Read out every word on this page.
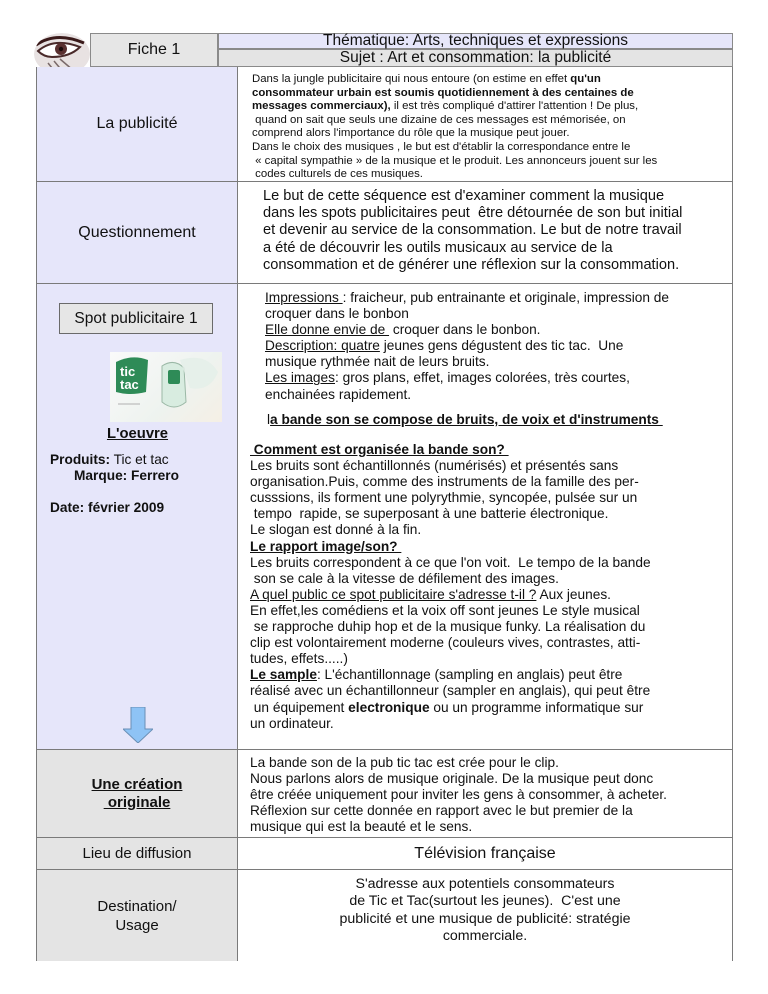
Fiche 1
Thématique: Arts, techniques et expressions
Sujet : Art et consommation: la publicité
La publicité
Dans la jungle publicitaire qui nous entoure (on estime en effet qu'un
consommateur urbain est soumis quotidiennement à des centaines de
messages commerciaux), il est très compliqué d'attirer l'attention ! De plus,
quand on sait que seuls une dizaine de ces messages est mémorisée, on
comprend alors l'importance du rôle que la musique peut jouer.
Dans le choix des musiques , le but est d'établir la correspondance entre le
« capital sympathie » de la musique et le produit. Les annonceurs jouent sur les
codes culturels de ces musiques.
Questionnement
Le but de cette séquence est d'examiner comment la musique
dans les spots publicitaires peut  être détournée de son but initial
et devenir au service de la consommation. Le but de notre travail
a été de découvrir les outils musicaux au service de la
consommation et de générer une réflexion sur la consommation.
Spot publicitaire 1
tic
tac
L'oeuvre
Produits: Tic et tac
Marque: Ferrero
Date: février 2009
Impressions : fraicheur, pub entrainante et originale, impression de
croquer dans le bonbon
Elle donne envie de  croquer dans le bonbon.
Description: quatre jeunes gens dégustent des tic tac.  Une
musique rythmée nait de leurs bruits.
Les images: gros plans, effet, images colorées, très courtes,
enchainées rapidement.
la bande son se compose de bruits, de voix et d'instruments
Comment est organisée la bande son?
Les bruits sont échantillonnés (numérisés) et présentés sans
organisation.Puis, comme des instruments de la famille des per-
cusssions, ils forment une polyrythmie, syncopée, pulsée sur un
tempo  rapide, se superposant à une batterie électronique.
Le slogan est donné à la fin.
Le rapport image/son?
Les bruits correspondent à ce que l'on voit.  Le tempo de la bande
son se cale à la vitesse de défilement des images.
A quel public ce spot publicitaire s'adresse t-il ? Aux jeunes.
En effet,les comédiens et la voix off sont jeunes Le style musical
se rapproche duhip hop et de la musique funky. La réalisation du
clip est volontairement moderne (couleurs vives, contrastes, atti-
tudes, effets.....)
Le sample: L'échantillonnage (sampling en anglais) peut être
réalisé avec un échantillonneur (sampler en anglais), qui peut être
un équipement electronique ou un programme informatique sur
un ordinateur.
Une création
originale
La bande son de la pub tic tac est crée pour le clip.
Nous parlons alors de musique originale. De la musique peut donc
être créée uniquement pour inviter les gens à consommer, à acheter.
Réflexion sur cette donnée en rapport avec le but premier de la
musique qui est la beauté et le sens.
Lieu de diffusion	Télévision française
Destination/
Usage
S'adresse aux potentiels consommateurs
de Tic et Tac(surtout les jeunes).  C'est une
publicité et une musique de publicité: stratégie
commerciale.
